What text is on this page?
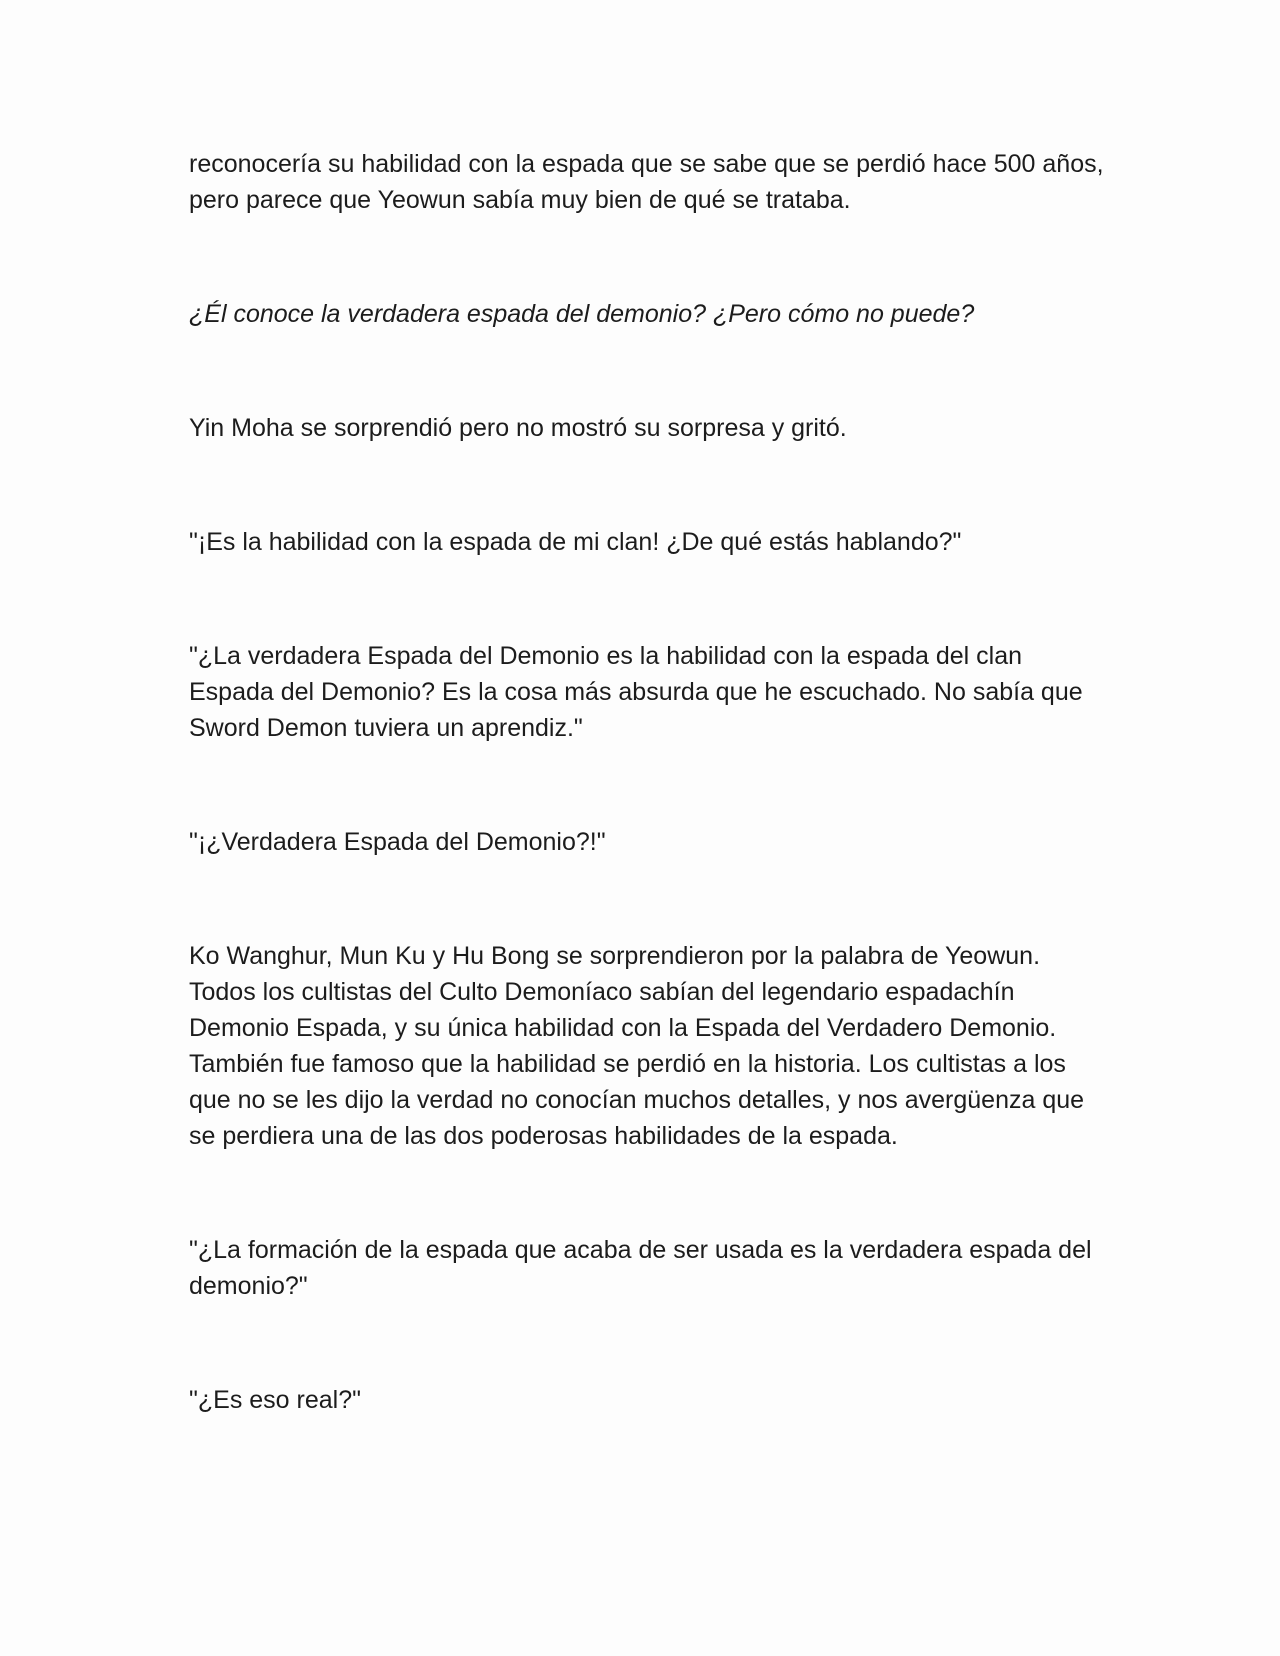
reconocería su habilidad con la espada que se sabe que se perdió hace 500 años, pero parece que Yeowun sabía muy bien de qué se trataba.

¿Él conoce la verdadera espada del demonio? ¿Pero cómo no puede?

Yin Moha se sorprendió pero no mostró su sorpresa y gritó.

"¡Es la habilidad con la espada de mi clan! ¿De qué estás hablando?"

"¿La verdadera Espada del Demonio es la habilidad con la espada del clan Espada del Demonio? Es la cosa más absurda que he escuchado. No sabía que Sword Demon tuviera un aprendiz."

"¡¿Verdadera Espada del Demonio?!"

Ko Wanghur, Mun Ku y Hu Bong se sorprendieron por la palabra de Yeowun. Todos los cultistas del Culto Demoníaco sabían del legendario espadachín Demonio Espada, y su única habilidad con la Espada del Verdadero Demonio. También fue famoso que la habilidad se perdió en la historia. Los cultistas a los que no se les dijo la verdad no conocían muchos detalles, y nos avergüenza que se perdiera una de las dos poderosas habilidades de la espada.

"¿La formación de la espada que acaba de ser usada es la verdadera espada del demonio?"

"¿Es eso real?"
